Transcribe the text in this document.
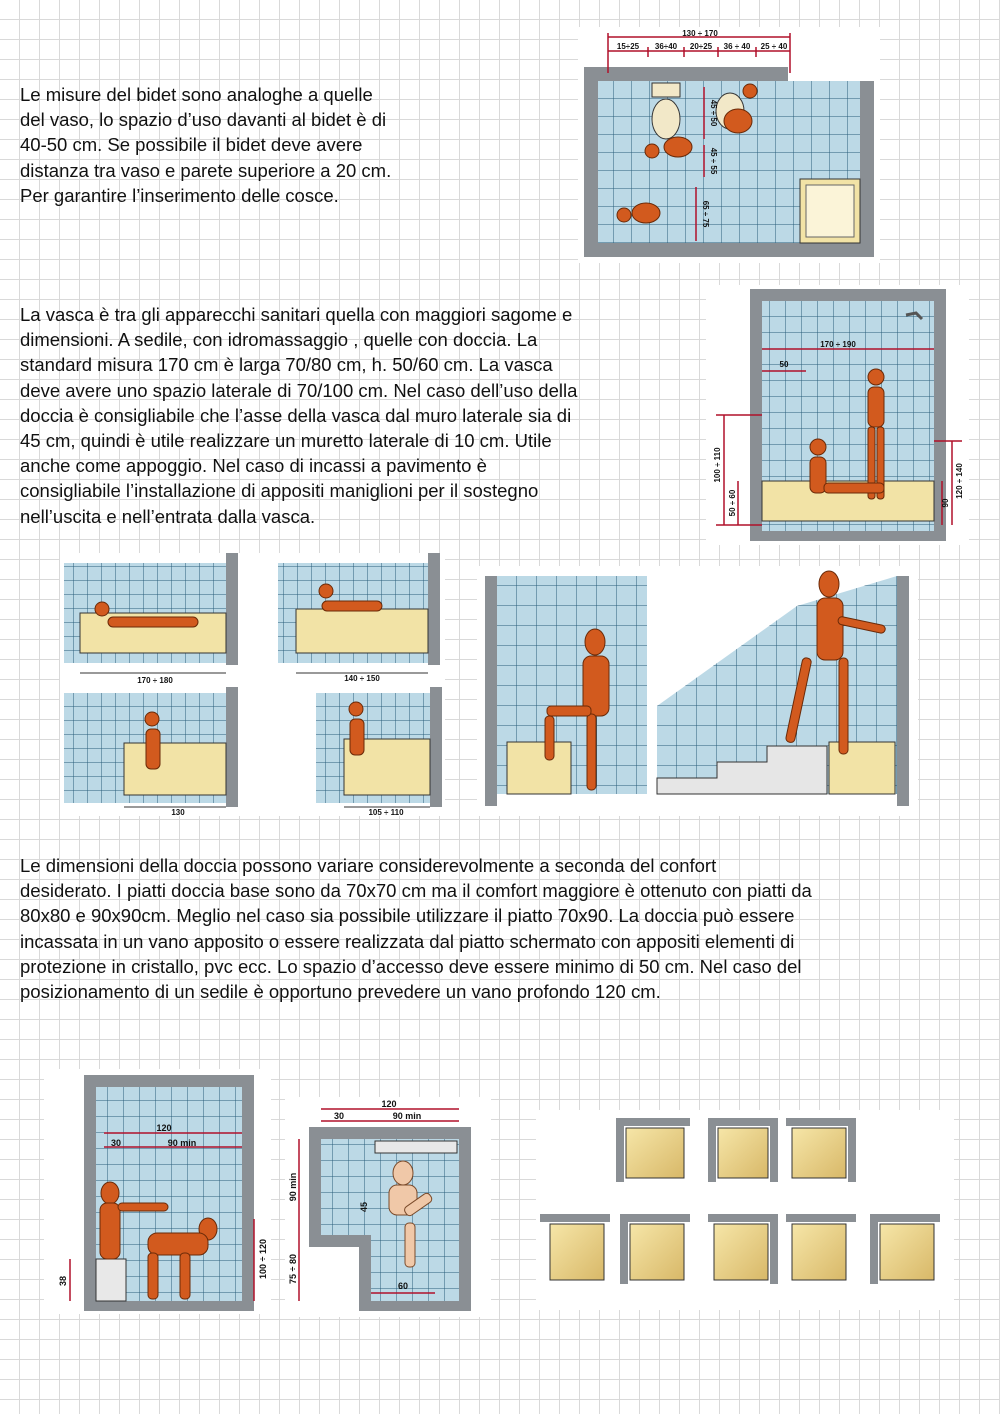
Le misure del bidet sono analoghe a quelle
del vaso, lo spazio d’uso davanti al bidet è di
40-50 cm. Se possibile il bidet deve avere
distanza tra vaso e parete superiore a 20 cm.
Per garantire l’inserimento delle cosce.
La vasca è tra gli apparecchi sanitari quella con maggiori sagome e
dimensioni. A sedile, con idromassaggio , quelle con doccia. La
standard misura 170 cm è larga 70/80 cm, h. 50/60 cm. La vasca
deve avere uno spazio laterale di 70/100 cm. Nel caso dell’uso della
doccia è consigliabile che l’asse della vasca dal muro laterale sia di
45 cm, quindi è utile realizzare un muretto laterale di 10 cm. Utile
anche come appoggio. Nel caso di incassi a pavimento è
consigliabile l’installazione di appositi maniglioni per il sostegno
nell’uscita e nell’entrata dalla vasca.
Le dimensioni della doccia possono variare considerevolmente a seconda del confort
desiderato. I piatti doccia base sono da 70x70 cm ma il comfort maggiore è ottenuto con piatti da
80x80 e 90x90cm. Meglio nel caso sia possibile utilizzare il piatto 70x90. La doccia può essere
incassata in un vano apposito o essere realizzata dal piatto schermato con appositi elementi di
protezione in cristallo, pvc ecc. Lo spazio d’accesso deve essere minimo di 50 cm. Nel caso del
posizionamento di un sedile è opportuno prevedere un vano profondo 120 cm.
130 ÷ 170
15÷25 36÷40 20÷25 36 ÷ 40 25 ÷ 40
45 ÷ 50
45 ÷ 55
65 ÷ 75
170 ÷ 190
50
100 ÷ 110
50 ÷ 60
120 ÷ 140
90
170 ÷ 180	140 ÷ 150
130	105 ÷ 110
120
30	90 min
38
100 ÷ 120
120
30	90 min
90 min
45
75 ÷ 80
60
